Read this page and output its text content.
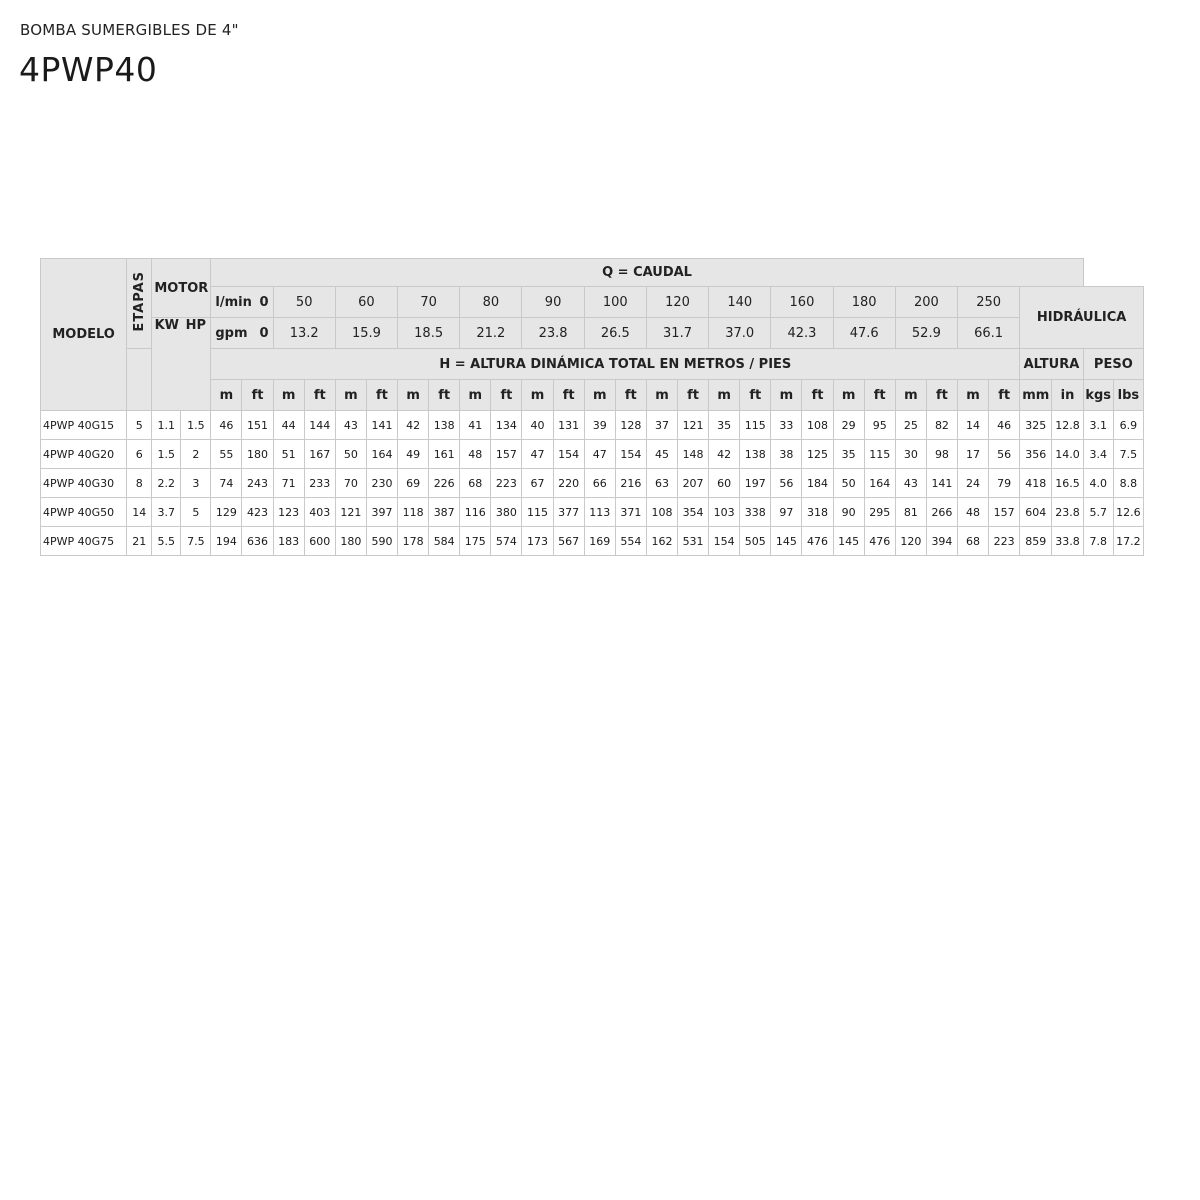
BOMBA SUMERGIBLES DE 4"
4PWP40
MODELO	ETAPAS	MOTOR		Q = CAUDAL																													

				l/min 0		50		60		70		80		90		100		120		140		160		180		200		250		HIDRÁULICA			

		KW HP		gpm 0		13.2		15.9		18.5		21.2		23.8		26.5		31.7		37.0		42.3		47.6		52.9		66.1					
				H = ALTURA DINÁMICA TOTAL EN METROS / PIES																										ALTURA		PESO	
				m	ft	m	ft	m	ft	m	ft	m	ft	m	ft	m	ft	m	ft	m	ft	m	ft	m	ft	m	ft	m	ft	mm	in	kgs	lbs
4PWP 40G15	5	1.1	1.5	46	151	44	144	43	141	42	138	41	134	40	131	39	128	37	121	35	115	33	108	29	95	25	82	14	46	325	12.8	3.1	6.9
4PWP 40G20	6	1.5	2	55	180	51	167	50	164	49	161	48	157	47	154	47	154	45	148	42	138	38	125	35	115	30	98	17	56	356	14.0	3.4	7.5
4PWP 40G30	8	2.2	3	74	243	71	233	70	230	69	226	68	223	67	220	66	216	63	207	60	197	56	184	50	164	43	141	24	79	418	16.5	4.0	8.8
4PWP 40G50	14	3.7	5	129	423	123	403	121	397	118	387	116	380	115	377	113	371	108	354	103	338	97	318	90	295	81	266	48	157	604	23.8	5.7	12.6
4PWP 40G75	21	5.5	7.5	194	636	183	600	180	590	178	584	175	574	173	567	169	554	162	531	154	505	145	476	145	476	120	394	68	223	859	33.8	7.8	17.2
